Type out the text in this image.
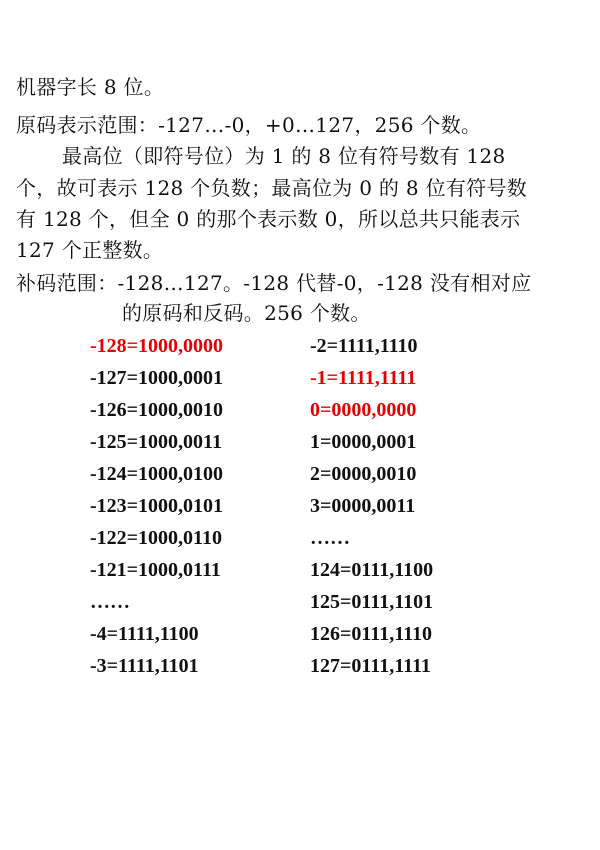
机器字长 8 位。
原码表示范围：-127…-0，+0…127，256 个数。
最高位（即符号位）为 1 的 8 位有符号数有 128
个，故可表示 128 个负数；最高位为 0 的 8 位有符号数
有 128 个，但全 0 的那个表示数 0，所以总共只能表示
127 个正整数。
补码范围：-128…127。-128 代替-0，-128 没有相对应
的原码和反码。256 个数。
-128=1000,0000	-2=1111,1110
-127=1000,0001	-1=1111,1111
-126=1000,0010	0=0000,0000
-125=1000,0011	1=0000,0001
-124=1000,0100	2=0000,0010
-123=1000,0101	3=0000,0011
-122=1000,0110	……
-121=1000,0111	124=0111,1100
……	125=0111,1101
-4=1111,1100	126=0111,1110
-3=1111,1101	127=0111,1111
